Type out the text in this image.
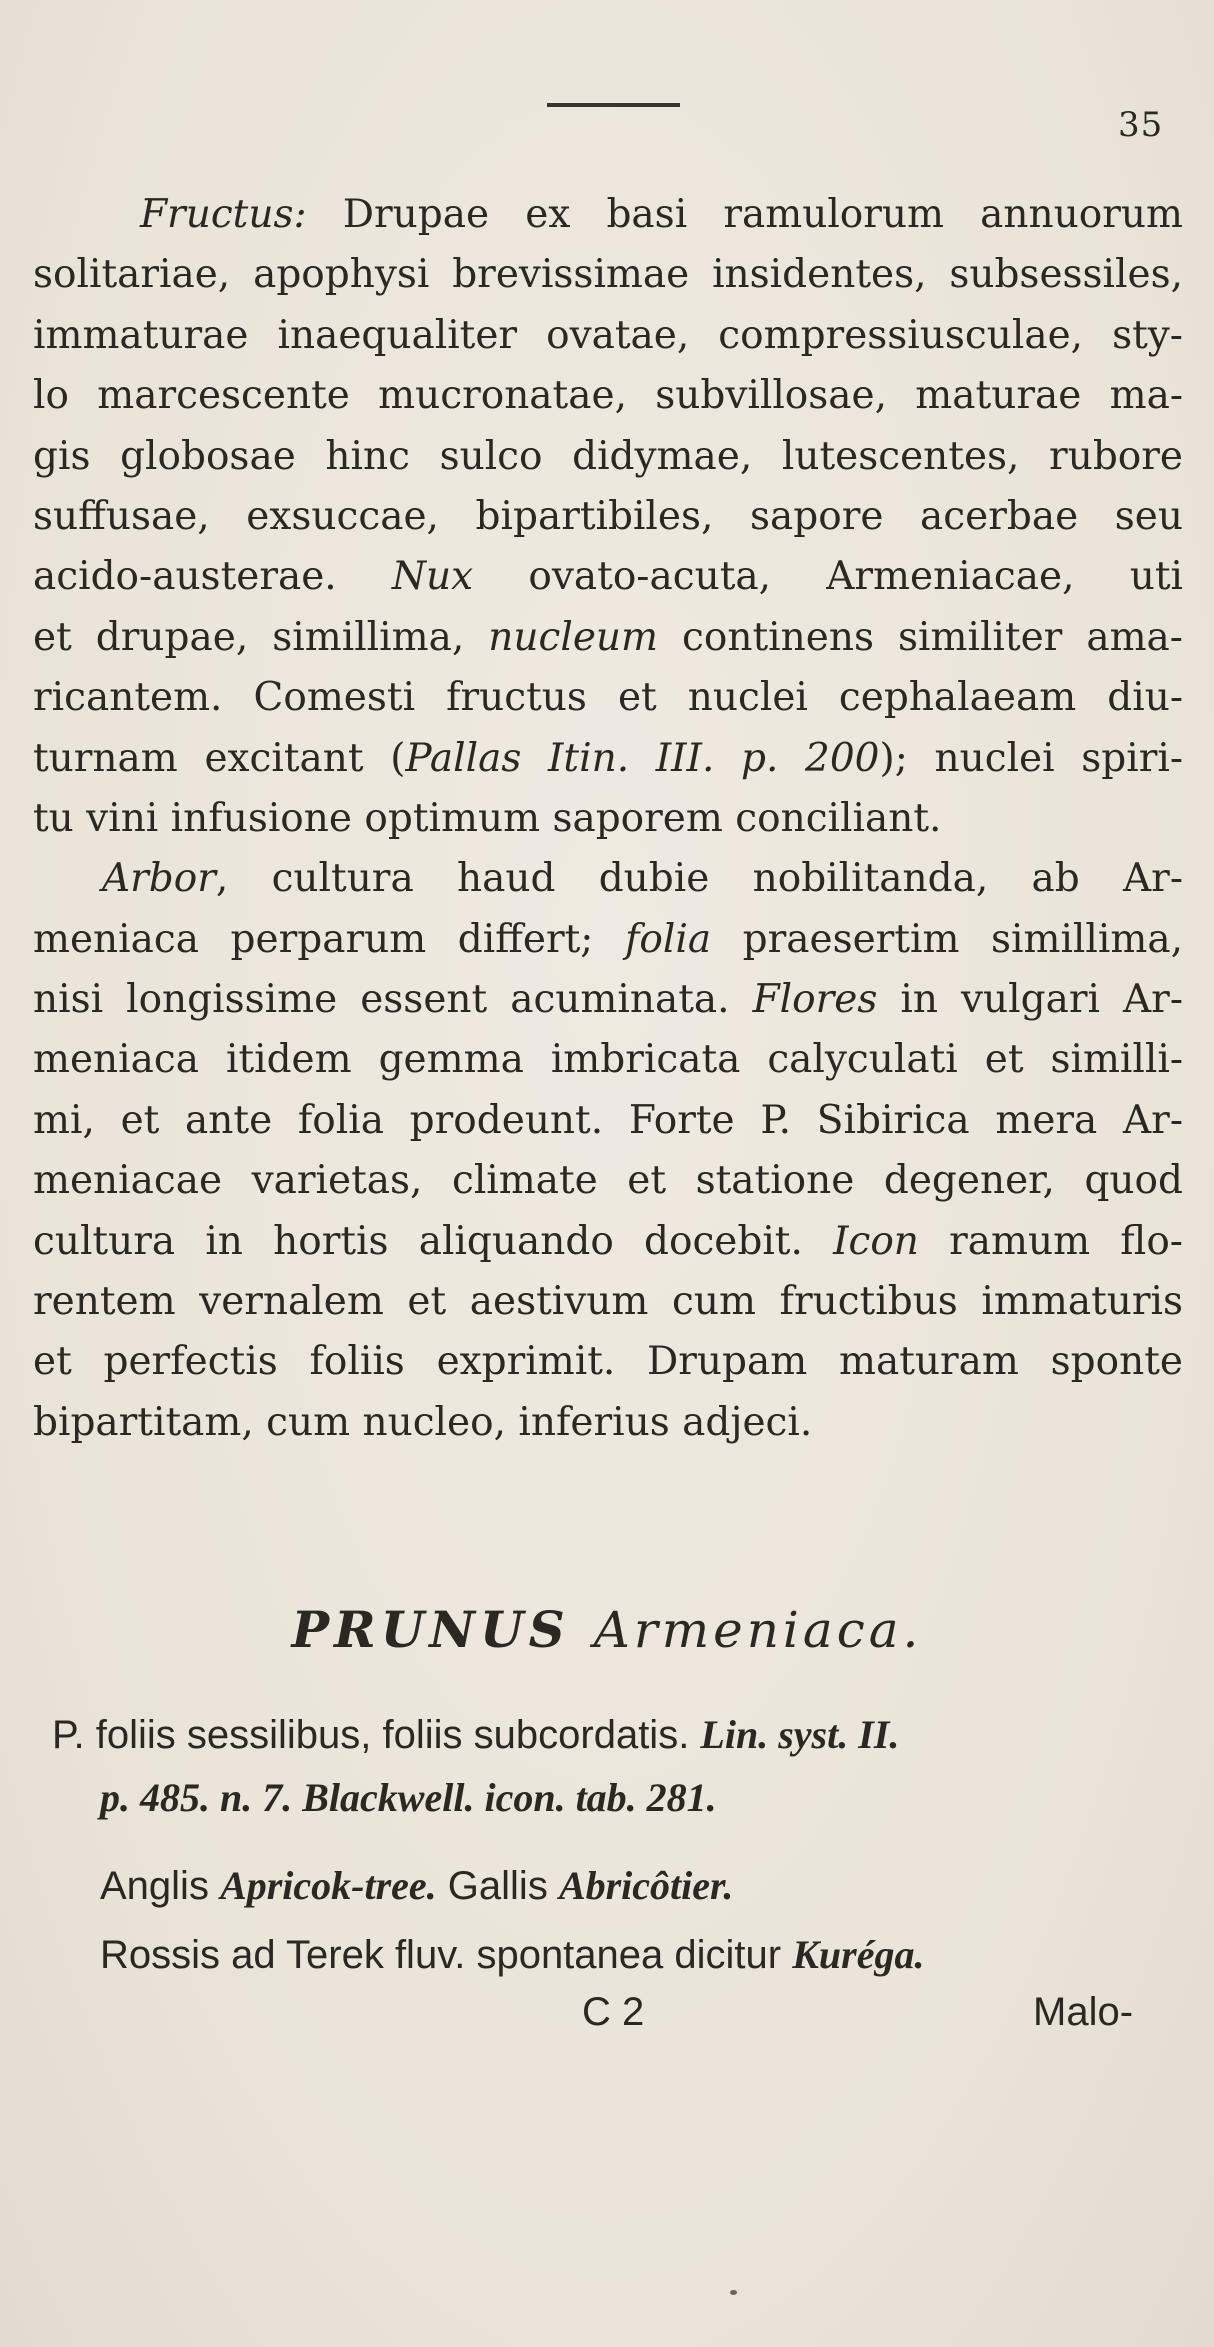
35
Fructus: Drupae ex basi ramulorum annuorum
solitariae, apophysi brevissimae insidentes, subsessiles,
immaturae inaequaliter ovatae, compressiusculae, sty-
lo marcescente mucronatae, subvillosae, maturae ma-
gis globosae hinc sulco didymae, lutescentes, rubore
suffusae, exsuccae, bipartibiles, sapore acerbae seu
acido-austerae. Nux ovato-acuta, Armeniacae, uti
et drupae, simillima, nucleum continens similiter ama-
ricantem. Comesti fructus et nuclei cephalaeam diu-
turnam excitant (Pallas Itin. III. p. 200); nuclei spiri-
tu vini infusione optimum saporem conciliant.
Arbor, cultura haud dubie nobilitanda, ab Ar-
meniaca perparum differt; folia praesertim simillima,
nisi longissime essent acuminata. Flores in vulgari Ar-
meniaca itidem gemma imbricata calyculati et similli-
mi, et ante folia prodeunt. Forte P. Sibirica mera Ar-
meniacae varietas, climate et statione degener, quod
cultura in hortis aliquando docebit. Icon ramum flo-
rentem vernalem et aestivum cum fructibus immaturis
et perfectis foliis exprimit. Drupam maturam sponte
bipartitam, cum nucleo, inferius adjeci.
PRUNUS Armeniaca.
P. foliis sessilibus, foliis subcordatis. Lin. syst. II.
p. 485. n. 7. Blackwell. icon. tab. 281.
Anglis Apricok-tree. Gallis Abricôtier.
Rossis ad Terek fluv. spontanea dicitur Kuréga.
C 2	Malo-
